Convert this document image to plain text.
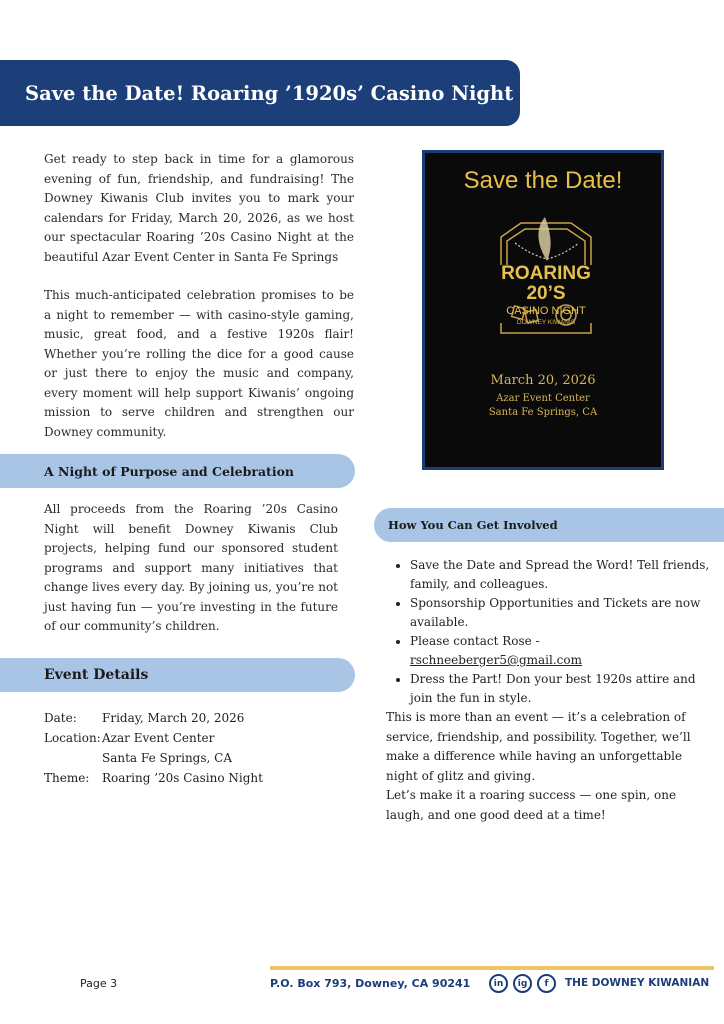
Save the Date! Roaring ’1920s’ Casino Night Returns!

Get ready to step back in time for a glamorous evening of fun, friendship, and fundraising! The Downey Kiwanis Club invites you to mark your calendars for Friday, March 20, 2026, as we host our spectacular Roaring ’20s Casino Night at the beautiful Azar Event Center in Santa Fe Springs

This much-anticipated celebration promises to be a night to remember — with casino-style gaming, music, great food, and a festive 1920s flair! Whether you’re rolling the dice for a good cause or just there to enjoy the music and company, every moment will help support Kiwanis’ ongoing mission to serve children and strengthen our Downey community.

A Night of Purpose and Celebration
All proceeds from the Roaring ’20s Casino Night will benefit Downey Kiwanis Club projects, helping fund our sponsored student programs and support many initiatives that change lives every day. By joining us, you’re not just having fun — you’re investing in the future of our community’s children.
Event Details
Date:	Friday, March 20, 2026
Location: Azar Event Center
Santa Fe Springs, CA
Theme:	Roaring ’20s Casino Night
Save the Date!
ROARING
20’S
CASINO NIGHT
DOWNEY KIWANIS
March 20, 2026
Azar Event Center
Santa Fe Springs, CA
How You Can Get Involved
• Save the Date and Spread the Word! Tell friends, family, and colleagues.
• Sponsorship Opportunities and Tickets are now available.
• Please contact Rose -
rschneeberger5@gmail.com
• Dress the Part! Don your best 1920s attire and join the fun in style.

This is more than an event — it’s a celebration of service, friendship, and possibility. Together, we’ll make a difference while having an unforgettable night of glitz and giving.

Let’s make it a roaring success — one spin, one laugh, and one good deed at a time!

Page 3	P.O. Box 793, Downey, CA 90241	in	ig	f	THE DOWNEY KIWANIAN
